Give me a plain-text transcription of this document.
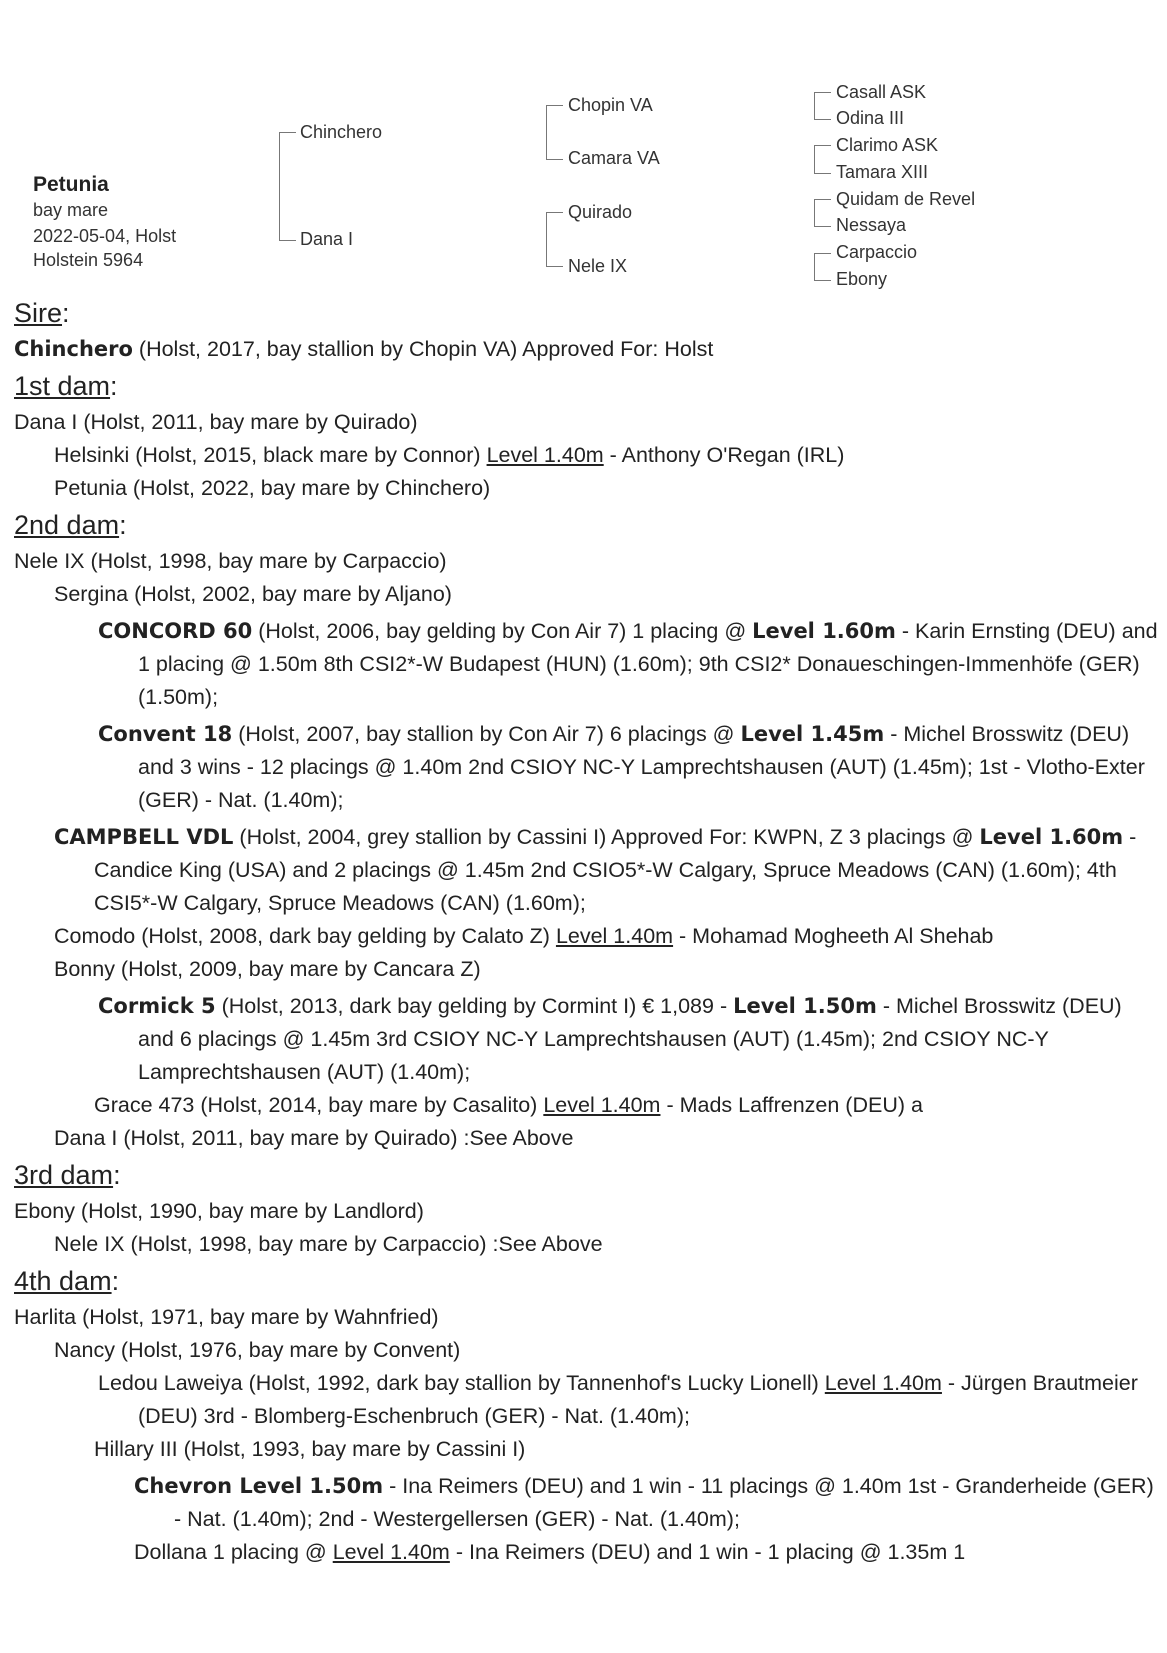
Petunia
bay mare
2022-05-04, Holst
Holstein 5964
Chinchero
Dana I
Chopin VA
Camara VA
Quirado
Nele IX
Casall ASK
Odina III
Clarimo ASK
Tamara XIII
Quidam de Revel
Nessaya
Carpaccio
Ebony
Sire:
Chinchero (Holst, 2017, bay stallion by Chopin VA) Approved For: Holst
1st dam:
Dana I (Holst, 2011, bay mare by Quirado)
Helsinki (Holst, 2015, black mare by Connor) Level 1.40m - Anthony O'Regan (IRL)
Petunia (Holst, 2022, bay mare by Chinchero)
2nd dam:
Nele IX (Holst, 1998, bay mare by Carpaccio)
Sergina (Holst, 2002, bay mare by Aljano)
CONCORD 60 (Holst, 2006, bay gelding by Con Air 7) 1 placing @ Level 1.60m - Karin Ernsting (DEU) and 1 placing @ 1.50m 8th CSI2*-W Budapest (HUN) (1.60m); 9th CSI2* Donaueschingen-Immenhöfe (GER) (1.50m);
Convent 18 (Holst, 2007, bay stallion by Con Air 7) 6 placings @ Level 1.45m - Michel Brosswitz (DEU) and 3 wins - 12 placings @ 1.40m 2nd CSIOY NC-Y Lamprechtshausen (AUT) (1.45m); 1st - Vlotho-Exter (GER) - Nat. (1.40m);
CAMPBELL VDL (Holst, 2004, grey stallion by Cassini I) Approved For: KWPN, Z 3 placings @ Level 1.60m - Candice King (USA) and 2 placings @ 1.45m 2nd CSIO5*-W Calgary, Spruce Meadows (CAN) (1.60m); 4th CSI5*-W Calgary, Spruce Meadows (CAN) (1.60m);
Comodo (Holst, 2008, dark bay gelding by Calato Z) Level 1.40m - Mohamad Mogheeth Al Shehab
Bonny (Holst, 2009, bay mare by Cancara Z)
Cormick 5 (Holst, 2013, dark bay gelding by Cormint I) € 1,089 - Level 1.50m - Michel Brosswitz (DEU) and 6 placings @ 1.45m 3rd CSIOY NC-Y Lamprechtshausen (AUT) (1.45m); 2nd CSIOY NC-Y Lamprechtshausen (AUT) (1.40m);
Grace 473 (Holst, 2014, bay mare by Casalito) Level 1.40m - Mads Laffrenzen (DEU) a
Dana I (Holst, 2011, bay mare by Quirado) :See Above
3rd dam:
Ebony (Holst, 1990, bay mare by Landlord)
Nele IX (Holst, 1998, bay mare by Carpaccio) :See Above
4th dam:
Harlita (Holst, 1971, bay mare by Wahnfried)
Nancy (Holst, 1976, bay mare by Convent)
Ledou Laweiya (Holst, 1992, dark bay stallion by Tannenhof's Lucky Lionell) Level 1.40m - Jürgen Brautmeier (DEU) 3rd - Blomberg-Eschenbruch (GER) - Nat. (1.40m);
Hillary III (Holst, 1993, bay mare by Cassini I)
Chevron Level 1.50m - Ina Reimers (DEU) and 1 win - 11 placings @ 1.40m 1st - Granderheide (GER) - Nat. (1.40m); 2nd - Westergellersen (GER) - Nat. (1.40m);
Dollana 1 placing @ Level 1.40m - Ina Reimers (DEU) and 1 win - 1 placing @ 1.35m 1
